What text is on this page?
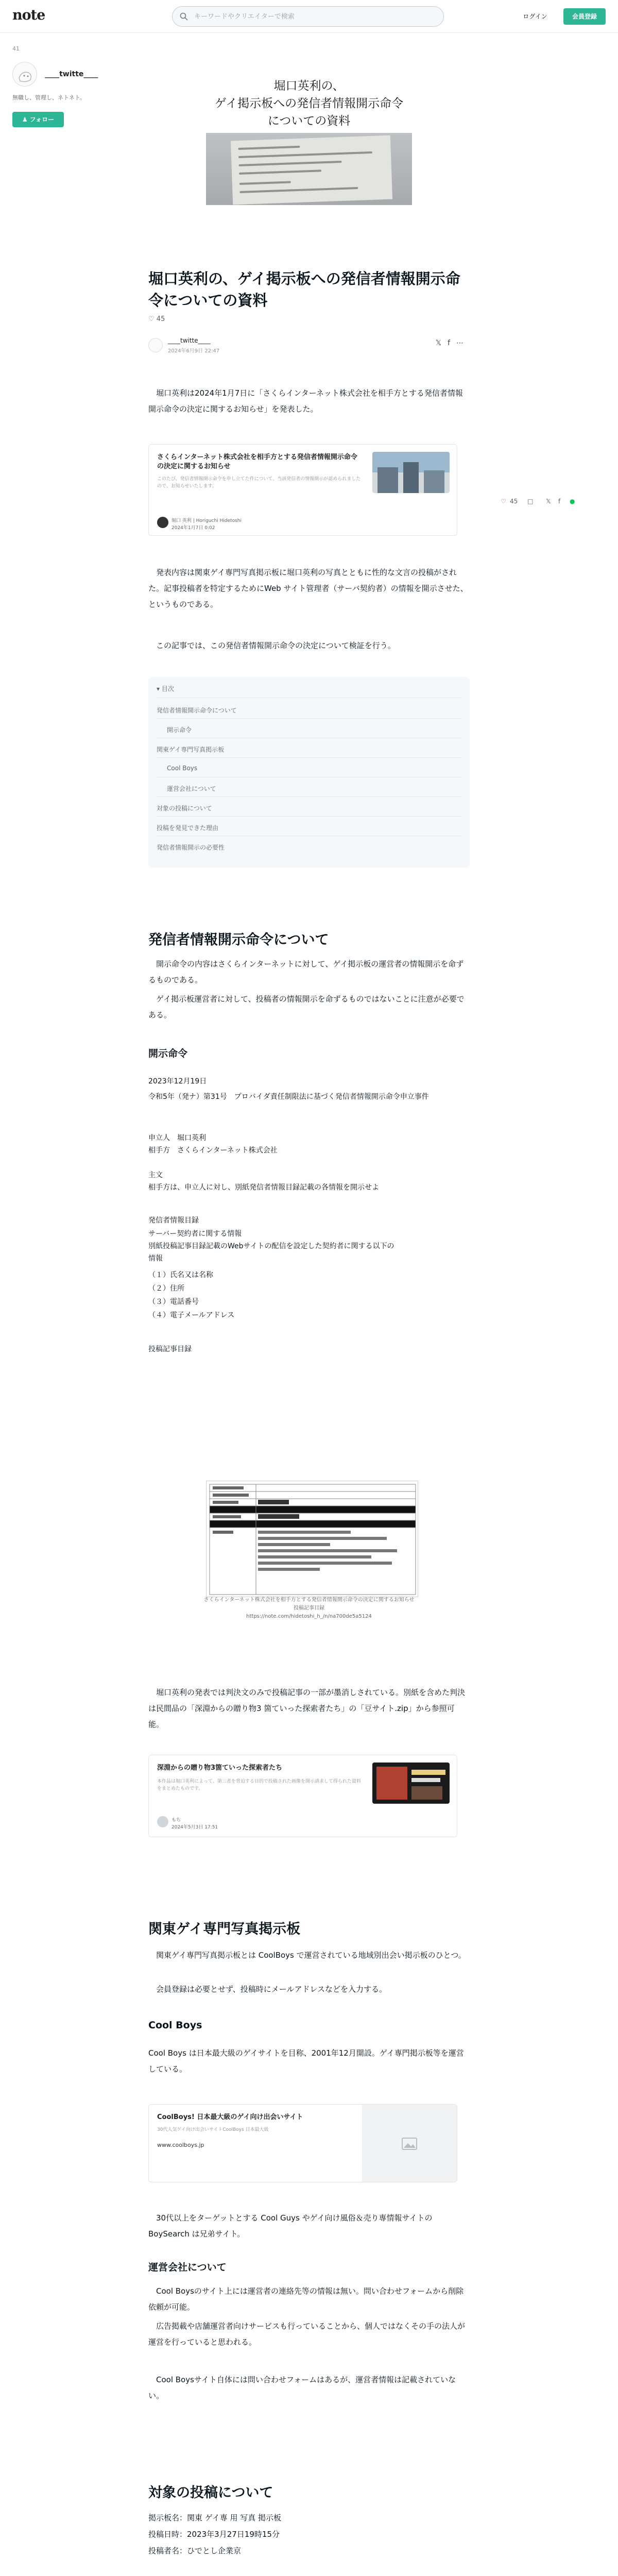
note
キーワードやクリエイターで検索	ログイン	会員登録
41
____twitte____
無職し、管理し、ネトネト。
♟ フォロー
堀口英利の、
ゲイ掲示板への発信者情報開示命令
についての資料
堀口英利の、ゲイ掲示板への発信者情報開示命令についての資料
♡ 45
____twitte____
2024年6月9日 22:47
𝕏f⋯
　堀口英利は2024年1月7日に「さくらインターネット株式会社を相手方とする発信者情報開示命令の決定に関するお知らせ」を発表した。
さくらインターネット株式会社を相手方とする発信者情報開示命令の決定に関するお知らせ
このたび、発信者情報開示命令を申し立てた件について、当該発信者の情報開示が認められましたので、お知らせいたします。
堀口 英利 | Horiguchi Hidetoshi
2024年1月7日 0:02
　発表内容は関東ゲイ専門写真掲示板に堀口英利の写真とともに性的な文言の投稿がされた。記事投稿者を特定するためにWeb サイト管理者（サーバ契約者）の情報を開示させた、というものである。
　この記事では、この発信者情報開示命令の決定について検証を行う。
▾ 目次
発信者情報開示命令について
開示命令
関東ゲイ専門写真掲示板
Cool Boys
運営会社について
対象の投稿について
投稿を発見できた理由
発信者情報開示の必要性
発信者情報開示命令について
　開示命令の内容はさくらインターネットに対して、ゲイ掲示板の運営者の情報開示を命ずるものである。
　ゲイ掲示板運営者に対して、投稿者の情報開示を命ずるものではないことに注意が必要である。
開示命令
2023年12月19日
令和5年（発ナ）第31号　プロバイダ責任制限法に基づく発信者情報開示命令申立事件
申立人　堀口英利
相手方　さくらインターネット株式会社
主文
相手方は、申立人に対し、別紙発信者情報目録記載の各情報を開示せよ
発信者情報目録
サーバー契約者に関する情報
別紙投稿記事目録記載のWebサイトの配信を設定した契約者に関する以下の
情報
（１）氏名又は名称
（２）住所
（３）電話番号
（４）電子メールアドレス
投稿記事目録
さくらインターネット株式会社を相手方とする発信者情報開示命令の決定に関するお知らせ
投稿記事目録
https://note.com/hidetoshi_h_/n/na700de5a5124
　堀口英利の発表では判決文のみで投稿記事の一部が墨消しされている。別紙を含めた判決は民間品の「深淵からの贈り物3 箇ていった探索者たち」の「豆サイト.zip」から参照可能。
深淵からの贈り物3箇ていった探索者たち
本作品は堀口英利によって、第三者を脅迫する目的で投稿された画像を開示請求して得られた資料をまとめたものです。
もち
2024年5月3日 17:51
関東ゲイ専門写真掲示板
　関東ゲイ専門写真掲示板とは CoolBoys で運営されている地域別出会い掲示板のひとつ。
　会員登録は必要とせず、投稿時にメールアドレスなどを入力する。
Cool Boys
Cool Boys は日本最大級のゲイサイトを目称、2001年12月開設。ゲイ専門掲示板等を運営している。
CoolBoys! 日本最大級のゲイ向け出会いサイト
30代人気ゲイ向け出会いサイトCoolBoys 日本最大級
www.coolboys.jp
　30代以上をターゲットとする Cool Guys やゲイ向け風俗＆売り専情報サイトの BoySearch は兄弟サイト。
運営会社について
　Cool Boysのサイト上には運営者の連絡先等の情報は無い。問い合わせフォームから削除依頼が可能。
　広告掲載や店舗運営者向けサービスも行っていることから、個人ではなくその手の法人が運営を行っていると思われる。
　Cool Boysサイト自体には問い合わせフォームはあるが、運営者情報は記載されていない。
対象の投稿について
掲示板名：関東 ゲイ専 用 写真 掲示板
投稿日時：2023年3月27日19時15分
投稿者名：ひでとし企業京
♡ 45 □ 𝕏 f ●
